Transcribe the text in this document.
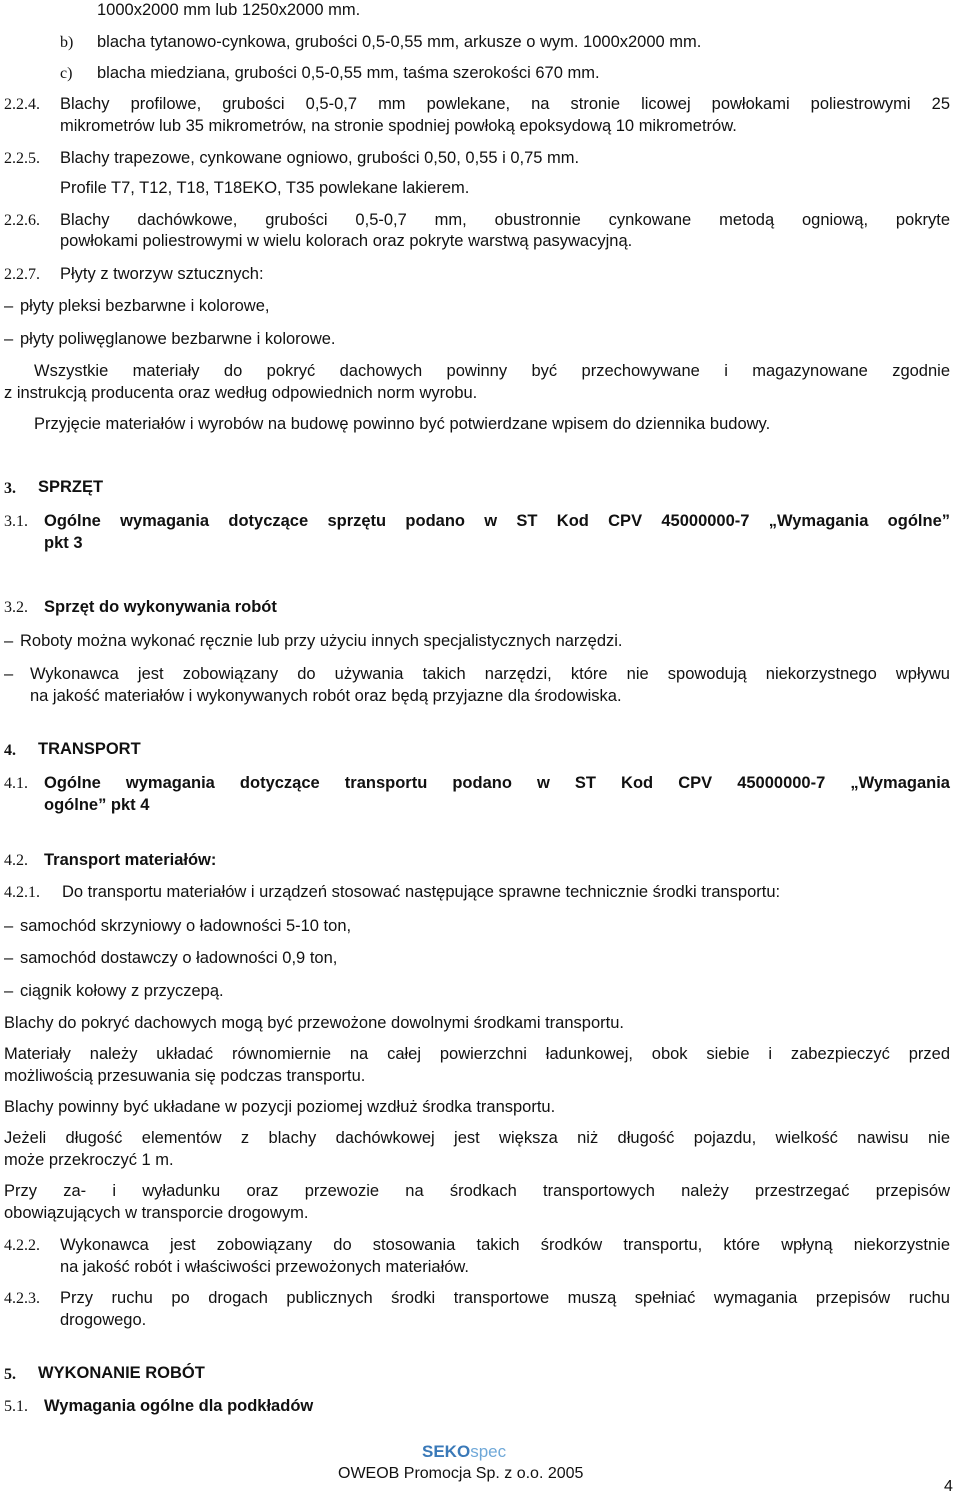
1000x2000 mm lub 1250x2000 mm.
b) blacha tytanowo-cynkowa, grubości 0,5-0,55 mm, arkusze o wym. 1000x2000 mm.
c) blacha miedziana, grubości 0,5-0,55 mm, taśma szerokości 670 mm.
2.2.4. Blachy profilowe, grubości 0,5-0,7 mm powlekane, na stronie licowej powłokami poliestrowymi 25
mikrometrów lub 35 mikrometrów, na stronie spodniej powłoką epoksydową 10 mikrometrów.
2.2.5. Blachy trapezowe, cynkowane ogniowo, grubości 0,50, 0,55 i 0,75 mm.
Profile T7, T12, T18, T18EKO, T35 powlekane lakierem.
2.2.6. Blachy dachówkowe, grubości 0,5-0,7 mm, obustronnie cynkowane metodą ogniową, pokryte
powłokami poliestrowymi w wielu kolorach oraz pokryte warstwą pasywacyjną.
2.2.7. Płyty z tworzyw sztucznych:
– płyty pleksi bezbarwne i kolorowe,
– płyty poliwęglanowe bezbarwne i kolorowe.
Wszystkie materiały do pokryć dachowych powinny być przechowywane i magazynowane zgodnie
z instrukcją producenta oraz według odpowiednich norm wyrobu.
Przyjęcie materiałów i wyrobów na budowę powinno być potwierdzane wpisem do dziennika budowy.
3. SPRZĘT
3.1. Ogólne wymagania dotyczące sprzętu podano w ST Kod CPV 45000000-7 „Wymagania ogólne”
pkt 3
3.2. Sprzęt do wykonywania robót
– Roboty można wykonać ręcznie lub przy użyciu innych specjalistycznych narzędzi.
– Wykonawca jest zobowiązany do używania takich narzędzi, które nie spowodują niekorzystnego wpływu
na jakość materiałów i wykonywanych robót oraz będą przyjazne dla środowiska.
4. TRANSPORT
4.1. Ogólne wymagania dotyczące transportu podano w ST Kod CPV 45000000-7 „Wymagania
ogólne” pkt 4
4.2. Transport materiałów:
4.2.1. Do transportu materiałów i urządzeń stosować następujące sprawne technicznie środki transportu:
– samochód skrzyniowy o ładowności 5-10 ton,
– samochód dostawczy o ładowności 0,9 ton,
– ciągnik kołowy z przyczepą.
Blachy do pokryć dachowych mogą być przewożone dowolnymi środkami transportu.
Materiały należy układać równomiernie na całej powierzchni ładunkowej, obok siebie i zabezpieczyć przed
możliwością przesuwania się podczas transportu.
Blachy powinny być układane w pozycji poziomej wzdłuż środka transportu.
Jeżeli długość elementów z blachy dachówkowej jest większa niż długość pojazdu, wielkość nawisu nie
może przekroczyć 1 m.
Przy za- i wyładunku oraz przewozie na środkach transportowych należy przestrzegać przepisów
obowiązujących w transporcie drogowym.
4.2.2. Wykonawca jest zobowiązany do stosowania takich środków transportu, które wpłyną niekorzystnie
na jakość robót i właściwości przewożonych materiałów.
4.2.3. Przy ruchu po drogach publicznych środki transportowe muszą spełniać wymagania przepisów ruchu
drogowego.
5. WYKONANIE ROBÓT
5.1. Wymagania ogólne dla podkładów
SEKOspec
OWEOB Promocja Sp. z o.o. 2005
4
